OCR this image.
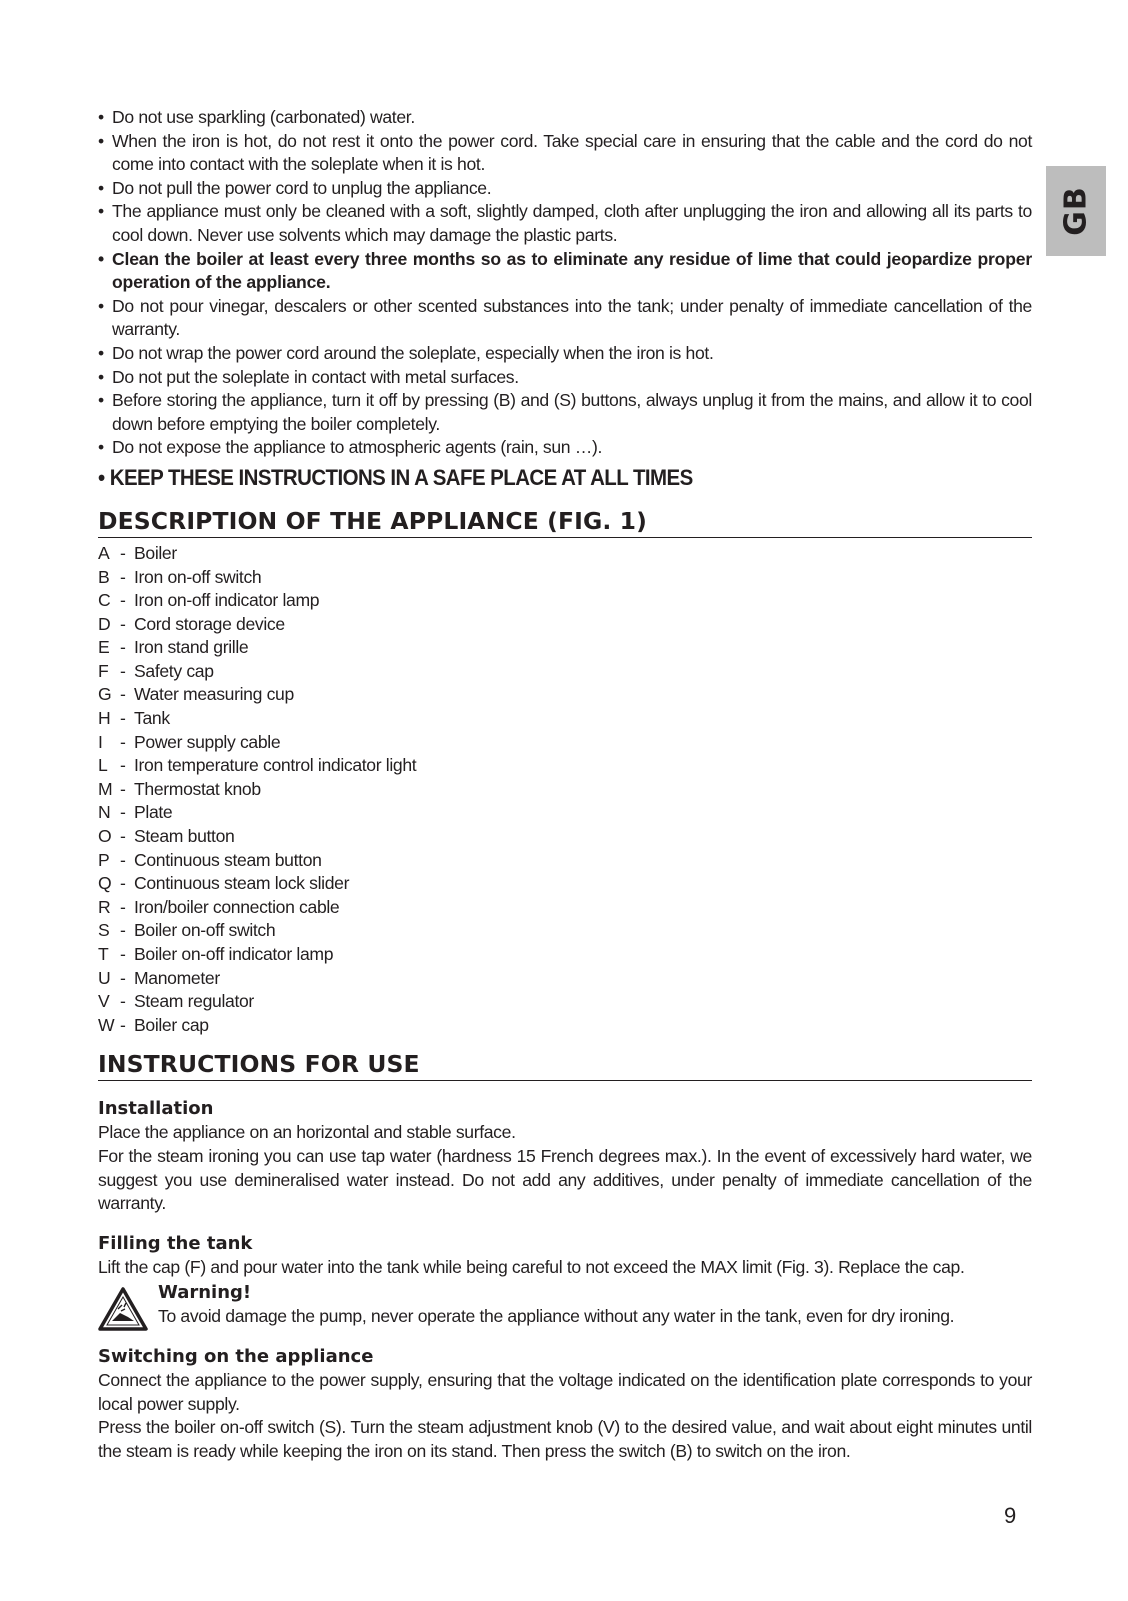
GB
• Do not use sparkling (carbonated) water.
• When the iron is hot, do not rest it onto the power cord. Take special care in ensuring that the cable and the cord do not come into contact with the soleplate when it is hot.
• Do not pull the power cord to unplug the appliance.
• The appliance must only be cleaned with a soft, slightly damped, cloth after unplugging the iron and allowing all its parts to cool down. Never use solvents which may damage the plastic parts.
• Clean the boiler at least every three months so as to eliminate any residue of lime that could jeopardize proper operation of the appliance.
• Do not pour vinegar, descalers or other scented substances into the tank; under penalty of immediate cancellation of the warranty.
• Do not wrap the power cord around the soleplate, especially when the iron is hot.
• Do not put the soleplate in contact with metal surfaces.
• Before storing the appliance, turn it off by pressing (B) and (S) buttons, always unplug it from the mains, and allow it to cool down before emptying the boiler completely.
• Do not expose the appliance to atmospheric agents (rain, sun …).
• KEEP THESE INSTRUCTIONS IN A SAFE PLACE AT ALL TIMES
DESCRIPTION OF THE APPLIANCE (FIG. 1)
A - Boiler
B - Iron on-off switch
C - Iron on-off indicator lamp
D - Cord storage device
E - Iron stand grille
F - Safety cap
G - Water measuring cup
H - Tank
I - Power supply cable
L - Iron temperature control indicator light
M - Thermostat knob
N - Plate
O - Steam button
P - Continuous steam button
Q - Continuous steam lock slider
R - Iron/boiler connection cable
S - Boiler on-off switch
T - Boiler on-off indicator lamp
U - Manometer
V - Steam regulator
W - Boiler cap
INSTRUCTIONS FOR USE
Installation

Place the appliance on an horizontal and stable surface.

For the steam ironing you can use tap water (hardness 15 French degrees max.). In the event of excessively hard water, we suggest you use demineralised water instead. Do not add any additives, under penalty of immediate cancellation of the warranty.

Filling the tank

Lift the cap (F) and pour water into the tank while being careful to not exceed the MAX limit (Fig. 3). Replace the cap.

Warning!

To avoid damage the pump, never operate the appliance without any water in the tank, even for dry ironing.

Switching on the appliance

Connect the appliance to the power supply, ensuring that the voltage indicated on the identification plate corresponds to your local power supply.

Press the boiler on-off switch (S). Turn the steam adjustment knob (V) to the desired value, and wait about eight minutes until the steam is ready while keeping the iron on its stand. Then press the switch (B) to switch on the iron.

9
